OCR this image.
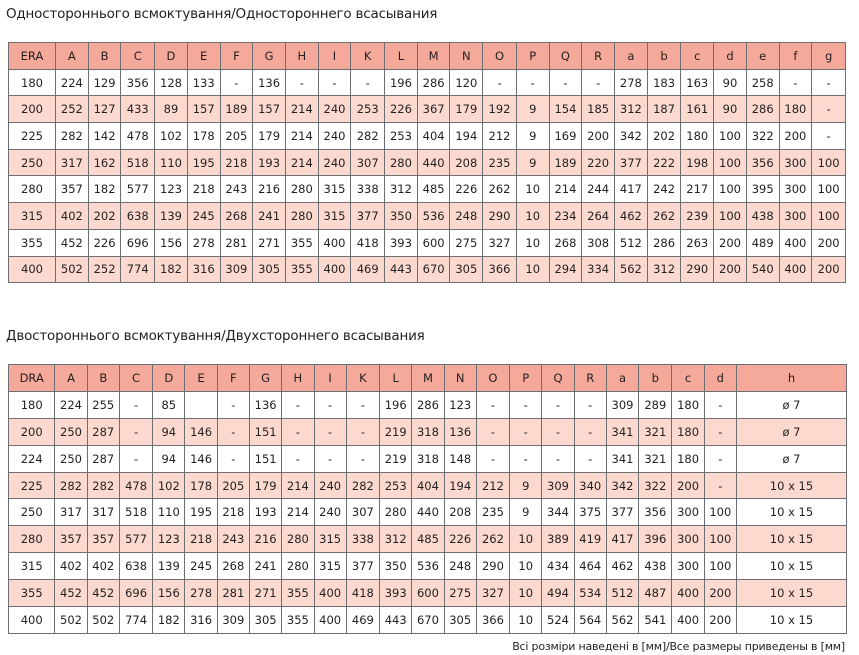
Одностороннього всмоктування/Одностороннего всасывания
ERA	A	B	C	D	E	F	G	H	I	K	L	M	N	O	P	Q	R	a	b	c	d	e	f	g
180	224	129	356	128	133	-	136	-	-	-	196	286	120	-	-	-	-	278	183	163	90	258	-	-
200	252	127	433	89	157	189	157	214	240	253	226	367	179	192	9	154	185	312	187	161	90	286	180	-
225	282	142	478	102	178	205	179	214	240	282	253	404	194	212	9	169	200	342	202	180	100	322	200	-
250	317	162	518	110	195	218	193	214	240	307	280	440	208	235	9	189	220	377	222	198	100	356	300	100
280	357	182	577	123	218	243	216	280	315	338	312	485	226	262	10	214	244	417	242	217	100	395	300	100
315	402	202	638	139	245	268	241	280	315	377	350	536	248	290	10	234	264	462	262	239	100	438	300	100
355	452	226	696	156	278	281	271	355	400	418	393	600	275	327	10	268	308	512	286	263	200	489	400	200
400	502	252	774	182	316	309	305	355	400	469	443	670	305	366	10	294	334	562	312	290	200	540	400	200
Двостороннього всмоктування/Двухстороннего всасывания
DRA	A	B	C	D	E	F	G	H	I	K	L	M	N	O	P	Q	R	a	b	c	d	h
180	224	255	-	85		-	136	-	-	-	196	286	123	-	-	-	-	309	289	180	-	ø 7
200	250	287	-	94	146	-	151	-	-	-	219	318	136	-	-	-	-	341	321	180	-	ø 7
224	250	287	-	94	146	-	151	-	-	-	219	318	148	-	-	-	-	341	321	180	-	ø 7
225	282	282	478	102	178	205	179	214	240	282	253	404	194	212	9	309	340	342	322	200	-	10 x 15
250	317	317	518	110	195	218	193	214	240	307	280	440	208	235	9	344	375	377	356	300	100	10 x 15
280	357	357	577	123	218	243	216	280	315	338	312	485	226	262	10	389	419	417	396	300	100	10 x 15
315	402	402	638	139	245	268	241	280	315	377	350	536	248	290	10	434	464	462	438	300	100	10 x 15
355	452	452	696	156	278	281	271	355	400	418	393	600	275	327	10	494	534	512	487	400	200	10 x 15
400	502	502	774	182	316	309	305	355	400	469	443	670	305	366	10	524	564	562	541	400	200	10 x 15
Всі розміри наведені в [мм]/Все размеры приведены в [мм]
